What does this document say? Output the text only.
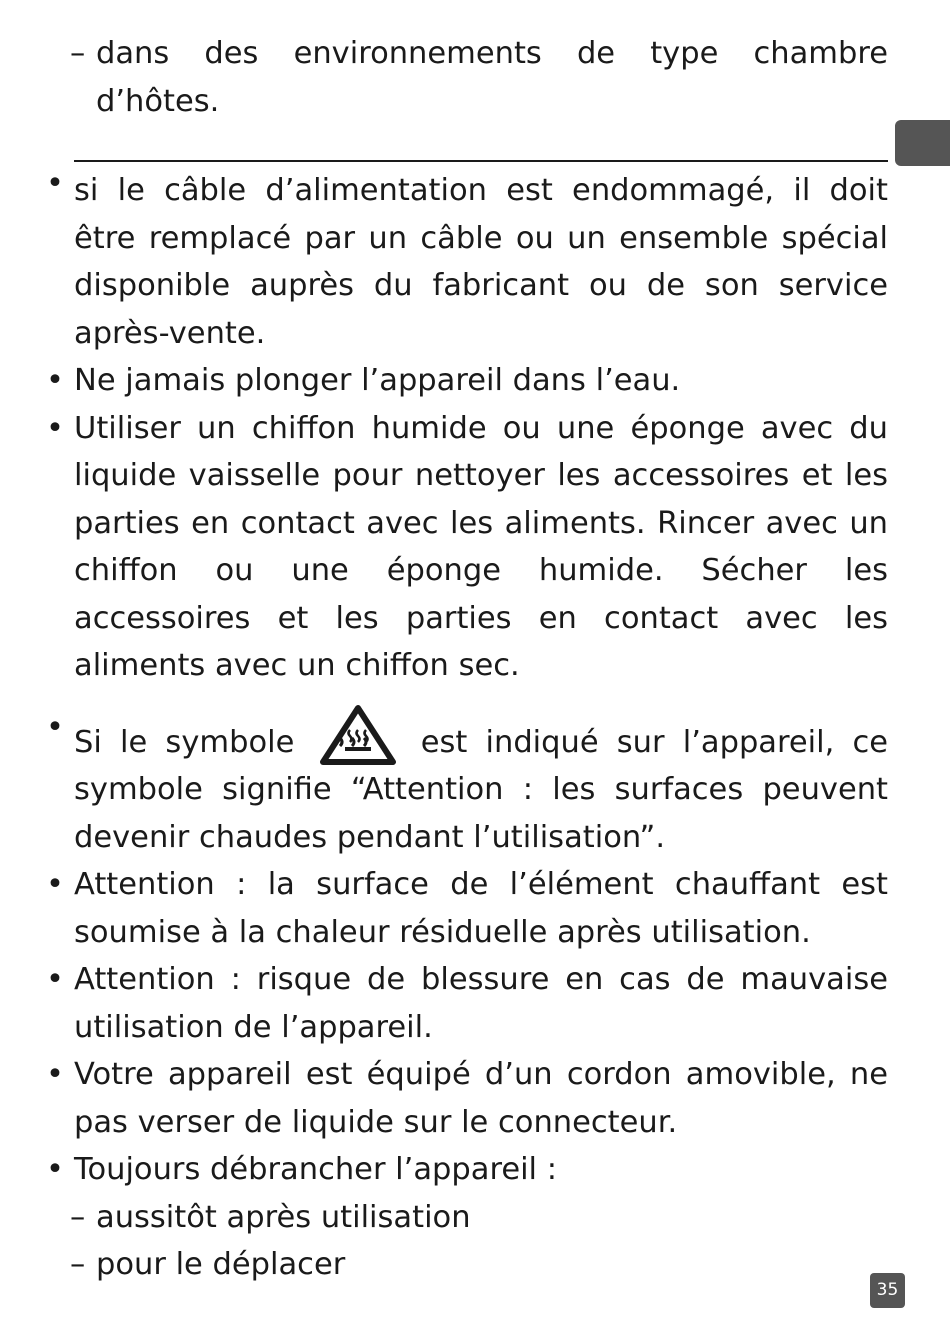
– dans des environnements de type chambre d’hôtes.
• si le câble d’alimentation est endommagé, il doit être remplacé par un câble ou un ensemble spécial disponible auprès du fabricant ou de son service après-vente.
• Ne jamais plonger l’appareil dans l’eau.
• Utiliser un chiffon humide ou une éponge avec du liquide vaisselle pour nettoyer les accessoires et les parties en contact avec les aliments. Rincer avec un chiffon ou une éponge humide. Sécher les accessoires et les parties en contact avec les aliments avec un chiffon sec.
• Si le symbole	est indiqué sur l’appareil, ce symbole signifie “Attention : les surfaces peuvent devenir chaudes pendant l’utilisation”.
• Attention : la surface de l’élément chauffant est soumise à la chaleur résiduelle après utilisation.
• Attention : risque de blessure en cas de mauvaise utilisation de l’appareil.
• Votre appareil est équipé d’un cordon amovible, ne pas verser de liquide sur le connecteur.
• Toujours débrancher l’appareil :
– aussitôt après utilisation
– pour le déplacer
35
